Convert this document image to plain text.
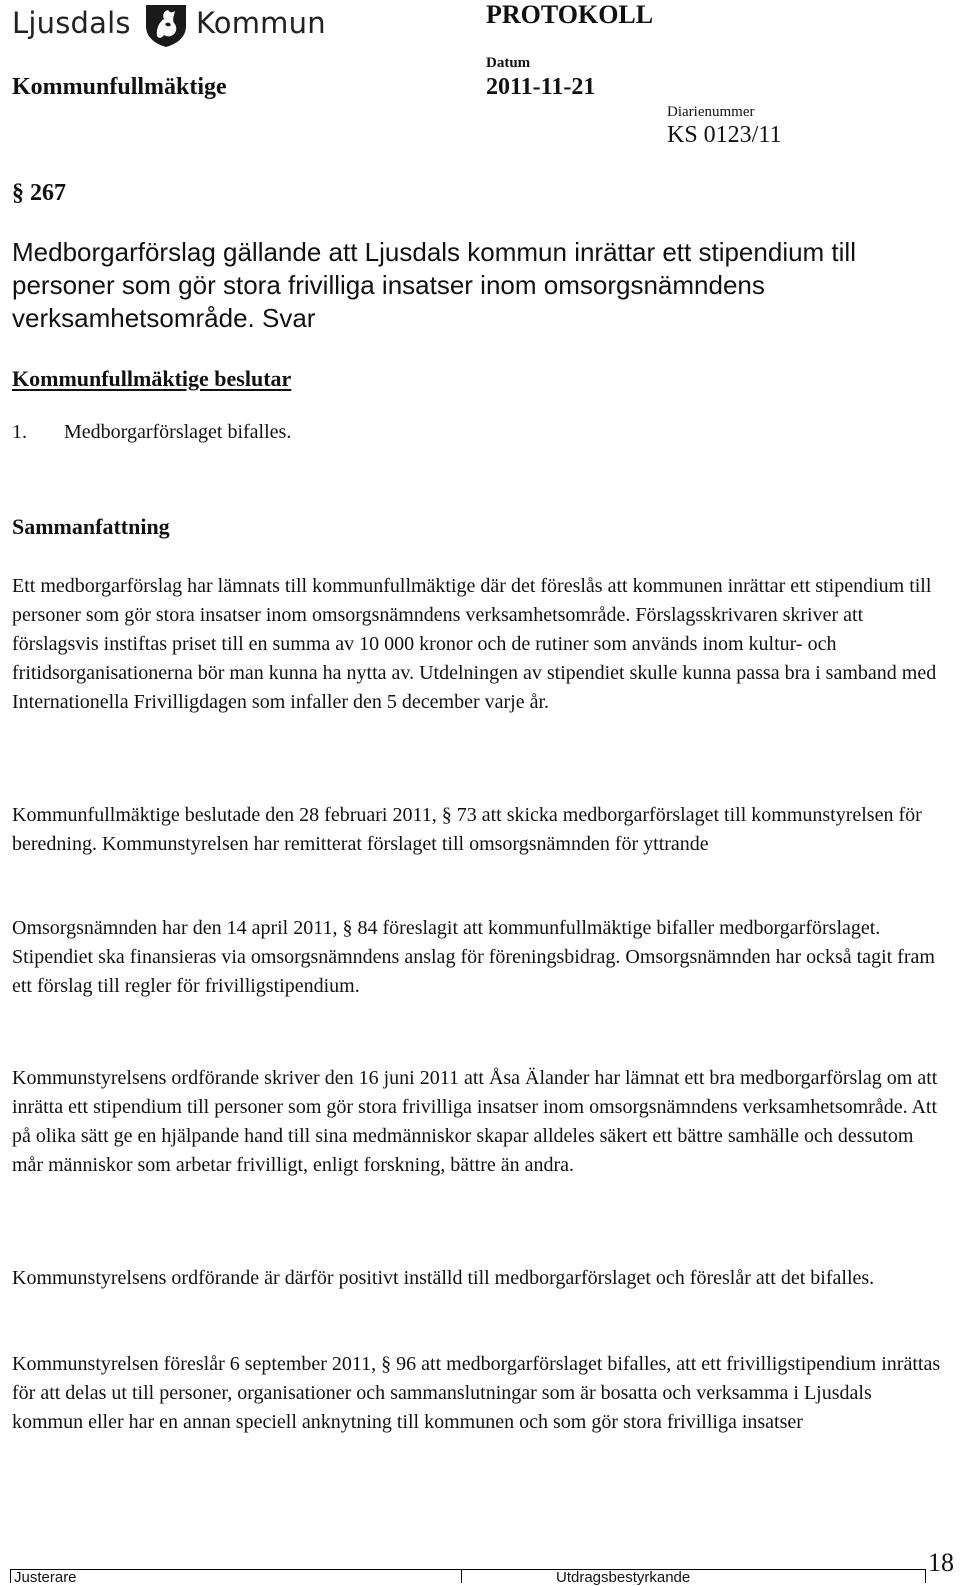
Ljusdals Kommun	PROTOKOLL
Kommunfullmäktige
Datum
2011-11-21
Diarienummer
KS 0123/11
§ 267
Medborgarförslag gällande att Ljusdals kommun inrättar ett stipendium till personer som gör stora frivilliga insatser inom omsorgsnämndens verksamhetsområde. Svar
Kommunfullmäktige beslutar
1. Medborgarförslaget bifalles.
Sammanfattning

Ett medborgarförslag har lämnats till kommunfullmäktige där det föreslås att kommunen inrättar ett stipendium till personer som gör stora insatser inom omsorgsnämndens verksamhetsområde. Förslagsskrivaren skriver att förslagsvis instiftas priset till en summa av 10 000 kronor och de rutiner som används inom kultur- och fritidsorganisationerna bör man kunna ha nytta av. Utdelningen av stipendiet skulle kunna passa bra i samband med Internationella Frivilligdagen som infaller den 5 december varje år.

Kommunfullmäktige beslutade den 28 februari 2011, § 73 att skicka medborgarförslaget till kommunstyrelsen för beredning. Kommunstyrelsen har remitterat förslaget till omsorgsnämnden för yttrande

Omsorgsnämnden har den 14 april 2011, § 84 föreslagit att kommunfullmäktige bifaller medborgarförslaget. Stipendiet ska finansieras via omsorgsnämndens anslag för föreningsbidrag. Omsorgsnämnden har också tagit fram ett förslag till regler för frivilligstipendium.

Kommunstyrelsens ordförande skriver den 16 juni 2011 att Åsa Älander har lämnat ett bra medborgarförslag om att inrätta ett stipendium till personer som gör stora frivilliga insatser inom omsorgsnämndens verksamhetsområde. Att på olika sätt ge en hjälpande hand till sina medmänniskor skapar alldeles säkert ett bättre samhälle och dessutom mår människor som arbetar frivilligt, enligt forskning, bättre än andra.

Kommunstyrelsens ordförande är därför positivt inställd till medborgarförslaget och föreslår att det bifalles.

Kommunstyrelsen föreslår 6 september 2011, § 96 att medborgarförslaget bifalles, att ett frivilligstipendium inrättas för att delas ut till personer, organisationer och sammanslutningar som är bosatta och verksamma i Ljusdals kommun eller har en annan speciell anknytning till kommunen och som gör stora frivilliga insatser

Justerare	Utdragsbestyrkande
18
